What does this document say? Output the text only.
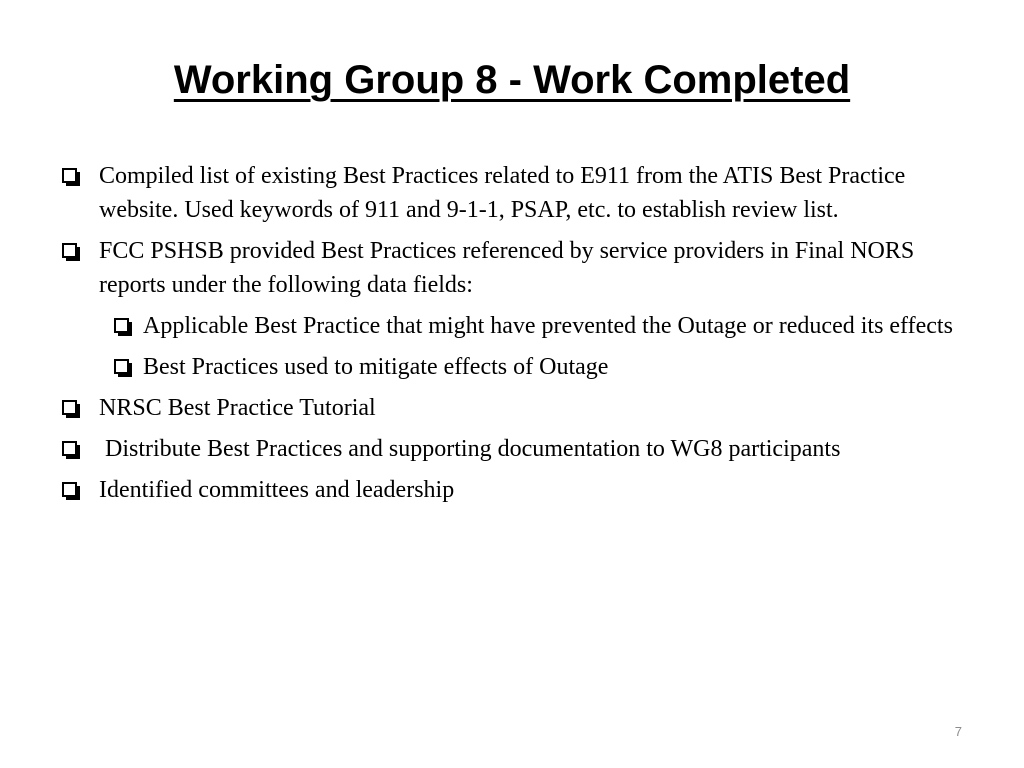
Working Group 8 - Work Completed
Compiled list of existing Best Practices related to E911 from the ATIS Best Practice website. Used keywords of 911 and 9-1-1, PSAP, etc. to establish review list.
FCC PSHSB provided Best Practices referenced by service providers in Final NORS reports under the following data fields:
Applicable Best Practice that might have prevented the Outage or reduced its effects
Best Practices used to mitigate effects of Outage
NRSC Best Practice Tutorial
Distribute Best Practices and supporting documentation to WG8 participants
Identified committees and leadership
7
